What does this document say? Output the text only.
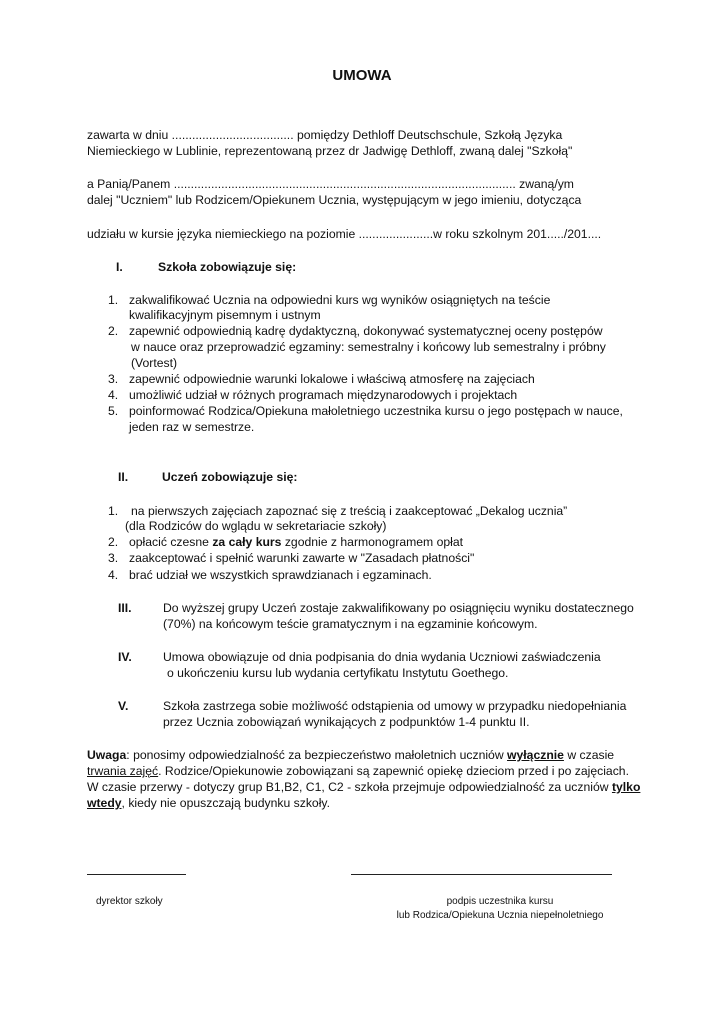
UMOWA
zawarta w dniu .................................... pomiędzy Dethloff Deutschschule, Szkołą Języka
Niemieckiego w Lublinie, reprezentowaną przez dr Jadwigę Dethloff, zwaną dalej "Szkołą"
a Panią/Panem ..................................................................................................... zwaną/ym
dalej "Uczniem" lub Rodzicem/Opiekunem Ucznia, występującym w jego imieniu, dotycząca
udziału w kursie języka niemieckiego na poziomie ......................w roku szkolnym 201...../201....
I.	Szkoła zobowiązuje się:
1. zakwalifikować Ucznia na odpowiedni kurs wg wyników osiągniętych na teście
kwalifikacyjnym pisemnym i ustnym
2. zapewnić odpowiednią kadrę dydaktyczną, dokonywać systematycznej oceny postępów
w nauce oraz przeprowadzić egzaminy: semestralny i końcowy lub semestralny i próbny
(Vortest)
3. zapewnić odpowiednie warunki lokalowe i właściwą atmosferę na zajęciach
4. umożliwić udział w różnych programach międzynarodowych i projektach
5. poinformować Rodzica/Opiekuna małoletniego uczestnika kursu o jego postępach w nauce,
jeden raz w semestrze.
II.	Uczeń zobowiązuje się:
1. na pierwszych zajęciach zapoznać się z treścią i zaakceptować „Dekalog ucznia”
(dla Rodziców do wglądu w sekretariacie szkoły)
2. opłacić czesne za cały kurs zgodnie z harmonogramem opłat
3. zaakceptować i spełnić warunki zawarte w "Zasadach płatności"
4. brać udział we wszystkich sprawdzianach i egzaminach.
III.	Do wyższej grupy Uczeń zostaje zakwalifikowany po osiągnięciu wyniku dostatecznego
(70%) na końcowym teście gramatycznym i na egzaminie końcowym.
IV.	Umowa obowiązuje od dnia podpisania do dnia wydania Uczniowi zaświadczenia
o ukończeniu kursu lub wydania certyfikatu Instytutu Goethego.
V.	Szkoła zastrzega sobie możliwość odstąpienia od umowy w przypadku niedopełniania
przez Ucznia zobowiązań wynikających z podpunktów 1-4 punktu II.
Uwaga: ponosimy odpowiedzialność za bezpieczeństwo małoletnich uczniów wyłącznie w czasie
trwania zajęć. Rodzice/Opiekunowie zobowiązani są zapewnić opiekę dzieciom przed i po zajęciach.
W czasie przerwy - dotyczy grup B1,B2, C1, C2 - szkoła przejmuje odpowiedzialność za uczniów tylko
wtedy, kiedy nie opuszczają budynku szkoły.
dyrektor szkoły	podpis uczestnika kursu
lub Rodzica/Opiekuna Ucznia niepełnoletniego
